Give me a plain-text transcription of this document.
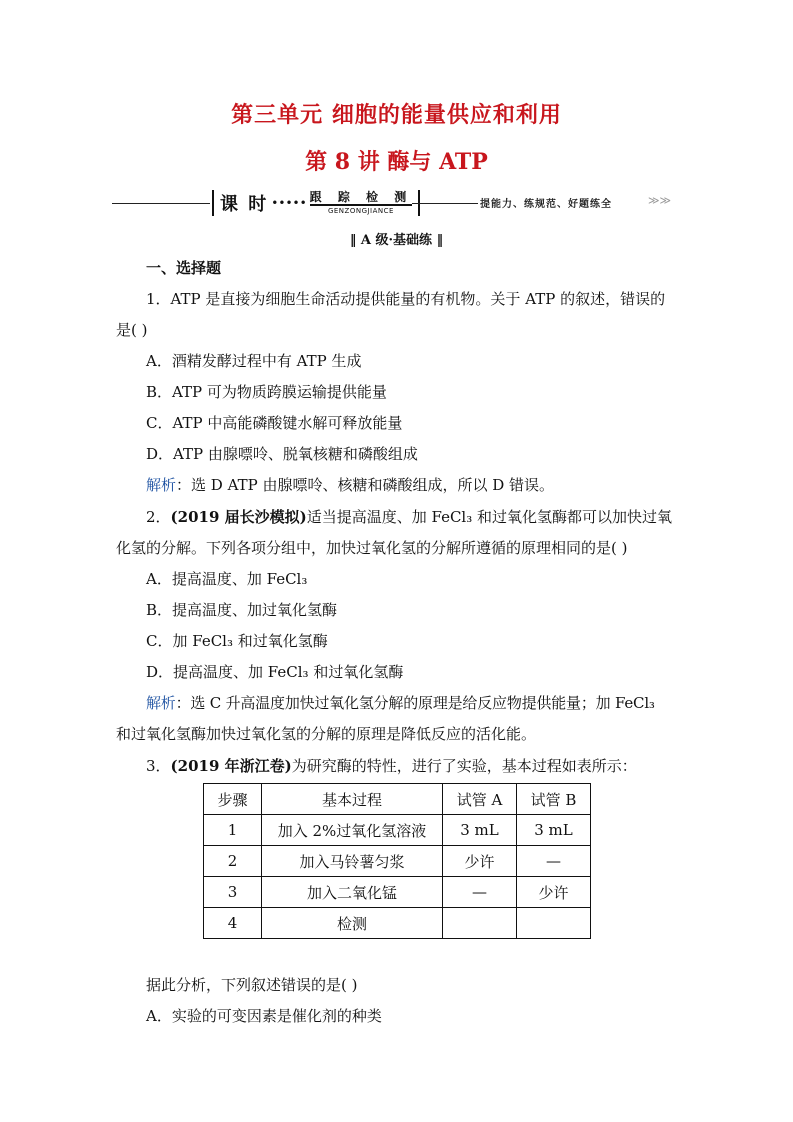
第三单元 细胞的能量供应和利用
第 8 讲 酶与 ATP
课 时 ••••• 跟 踪 检 测
GENZONGJIANCE
提能力、练规范、好题练全	≫≫
‖ A 级·基础练 ‖
一、选择题
1．ATP 是直接为细胞生命活动提供能量的有机物。关于 ATP 的叙述，错误的
是( )
A．酒精发酵过程中有 ATP 生成
B．ATP 可为物质跨膜运输提供能量
C．ATP 中高能磷酸键水解可释放能量
D．ATP 由腺嘌呤、脱氧核糖和磷酸组成
解析：选 D ATP 由腺嘌呤、核糖和磷酸组成，所以 D 错误。
2．(2019 届长沙模拟)适当提高温度、加 FeCl₃ 和过氧化氢酶都可以加快过氧
化氢的分解。下列各项分组中，加快过氧化氢的分解所遵循的原理相同的是( )
A．提高温度、加 FeCl₃
B．提高温度、加过氧化氢酶
C．加 FeCl₃ 和过氧化氢酶
D．提高温度、加 FeCl₃ 和过氧化氢酶
解析：选 C 升高温度加快过氧化氢分解的原理是给反应物提供能量；加 FeCl₃
和过氧化氢酶加快过氧化氢的分解的原理是降低反应的活化能。
3．(2019 年浙江卷)为研究酶的特性，进行了实验，基本过程如表所示：
步骤	基本过程	试管 A	试管 B
1	加入 2%过氧化氢溶液	3 mL	3 mL
2	加入马铃薯匀浆	少许	—
3	加入二氧化锰	—	少许
4	检测		
据此分析，下列叙述错误的是( )
A．实验的可变因素是催化剂的种类
